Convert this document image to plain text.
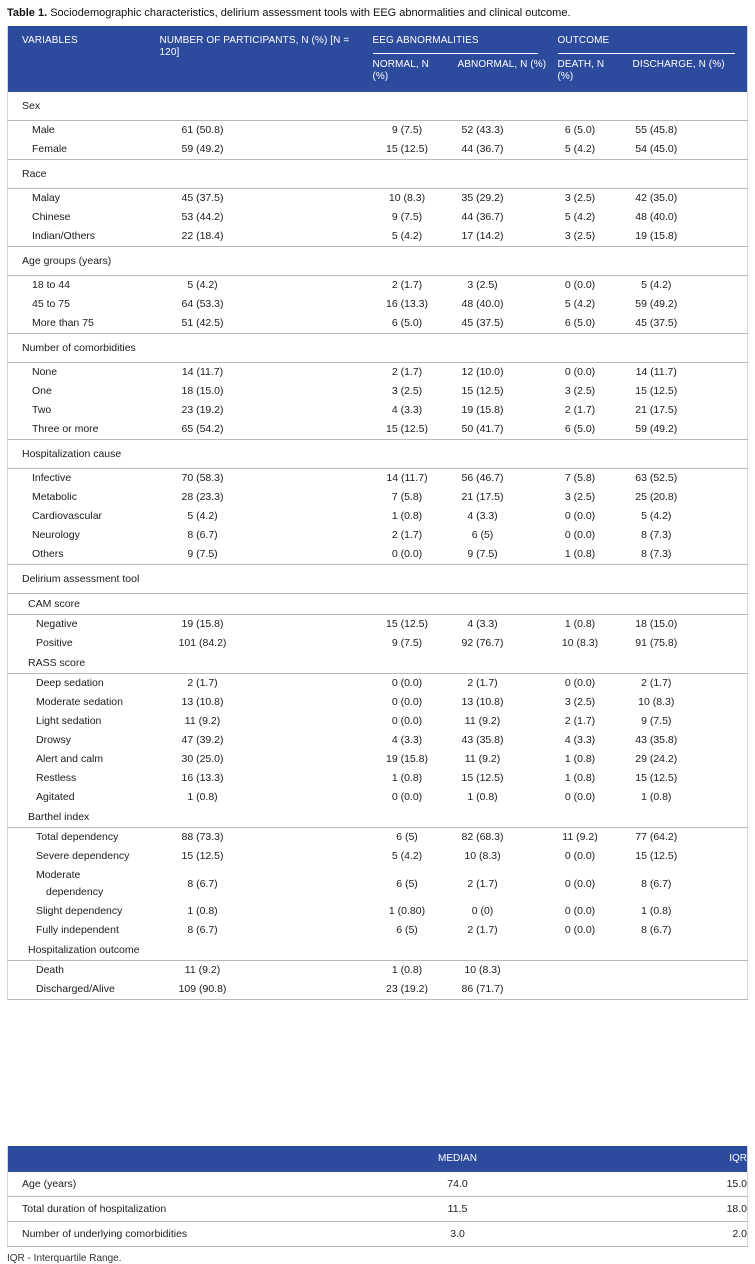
Table 1. Sociodemographic characteristics, delirium assessment tools with EEG abnormalities and clinical outcome.
VARIABLES	NUMBER OF PARTICIPANTS, N (%) [N = 120]	EEG ABNORMALITIES		OUTCOME	

		NORMAL, N (%)	ABNORMAL, N (%)	DEATH, N (%)	DISCHARGE, N (%)
Sex					
Male	61 (50.8)	9 (7.5)	52 (43.3)	6 (5.0)	55 (45.8)
Female	59 (49.2)	15 (12.5)	44 (36.7)	5 (4.2)	54 (45.0)
Race					
Malay	45 (37.5)	10 (8.3)	35 (29.2)	3 (2.5)	42 (35.0)
Chinese	53 (44.2)	9 (7.5)	44 (36.7)	5 (4.2)	48 (40.0)
Indian/Others	22 (18.4)	5 (4.2)	17 (14.2)	3 (2.5)	19 (15.8)
Age groups (years)					
18 to 44	5 (4.2)	2 (1.7)	3 (2.5)	0 (0.0)	5 (4.2)
45 to 75	64 (53.3)	16 (13.3)	48 (40.0)	5 (4.2)	59 (49.2)
More than 75	51 (42.5)	6 (5.0)	45 (37.5)	6 (5.0)	45 (37.5)
Number of comorbidities					
None	14 (11.7)	2 (1.7)	12 (10.0)	0 (0.0)	14 (11.7)
One	18 (15.0)	3 (2.5)	15 (12.5)	3 (2.5)	15 (12.5)
Two	23 (19.2)	4 (3.3)	19 (15.8)	2 (1.7)	21 (17.5)
Three or more	65 (54.2)	15 (12.5)	50 (41.7)	6 (5.0)	59 (49.2)
Hospitalization cause					
Infective	70 (58.3)	14 (11.7)	56 (46.7)	7 (5.8)	63 (52.5)
Metabolic	28 (23.3)	7 (5.8)	21 (17.5)	3 (2.5)	25 (20.8)
Cardiovascular	5 (4.2)	1 (0.8)	4 (3.3)	0 (0.0)	5 (4.2)
Neurology	8 (6.7)	2 (1.7)	6 (5)	0 (0.0)	8 (7.3)
Others	9 (7.5)	0 (0.0)	9 (7.5)	1 (0.8)	8 (7.3)
Delirium assessment tool					
CAM score					
Negative	19 (15.8)	15 (12.5)	4 (3.3)	1 (0.8)	18 (15.0)
Positive	101 (84.2)	9 (7.5)	92 (76.7)	10 (8.3)	91 (75.8)
RASS score					
Deep sedation	2 (1.7)	0 (0.0)	2 (1.7)	0 (0.0)	2 (1.7)
Moderate sedation	13 (10.8)	0 (0.0)	13 (10.8)	3 (2.5)	10 (8.3)
Light sedation	11 (9.2)	0 (0.0)	11 (9.2)	2 (1.7)	9 (7.5)
Drowsy	47 (39.2)	4 (3.3)	43 (35.8)	4 (3.3)	43 (35.8)
Alert and calm	30 (25.0)	19 (15.8)	11 (9.2)	1 (0.8)	29 (24.2)
Restless	16 (13.3)	1 (0.8)	15 (12.5)	1 (0.8)	15 (12.5)
Agitated	1 (0.8)	0 (0.0)	1 (0.8)	0 (0.0)	1 (0.8)
Barthel index					
Total dependency	88 (73.3)	6 (5)	82 (68.3)	11 (9.2)	77 (64.2)
Severe dependency	15 (12.5)	5 (4.2)	10 (8.3)	0 (0.0)	15 (12.5)
Moderate dependency	8 (6.7)	6 (5)	2 (1.7)	0 (0.0)	8 (6.7)
Slight dependency	1 (0.8)	1 (0.80)	0 (0)	0 (0.0)	1 (0.8)
Fully independent	8 (6.7)	6 (5)	2 (1.7)	0 (0.0)	8 (6.7)
Hospitalization outcome					
Death	11 (9.2)	1 (0.8)	10 (8.3)		
Discharged/Alive	109 (90.8)	23 (19.2)	86 (71.7)		
	MEDIAN	IQR
Age (years)	74.0	15.0
Total duration of hospitalization	11.5	18.0
Number of underlying comorbidities	3.0	2.0
IQR - Interquartile Range.
